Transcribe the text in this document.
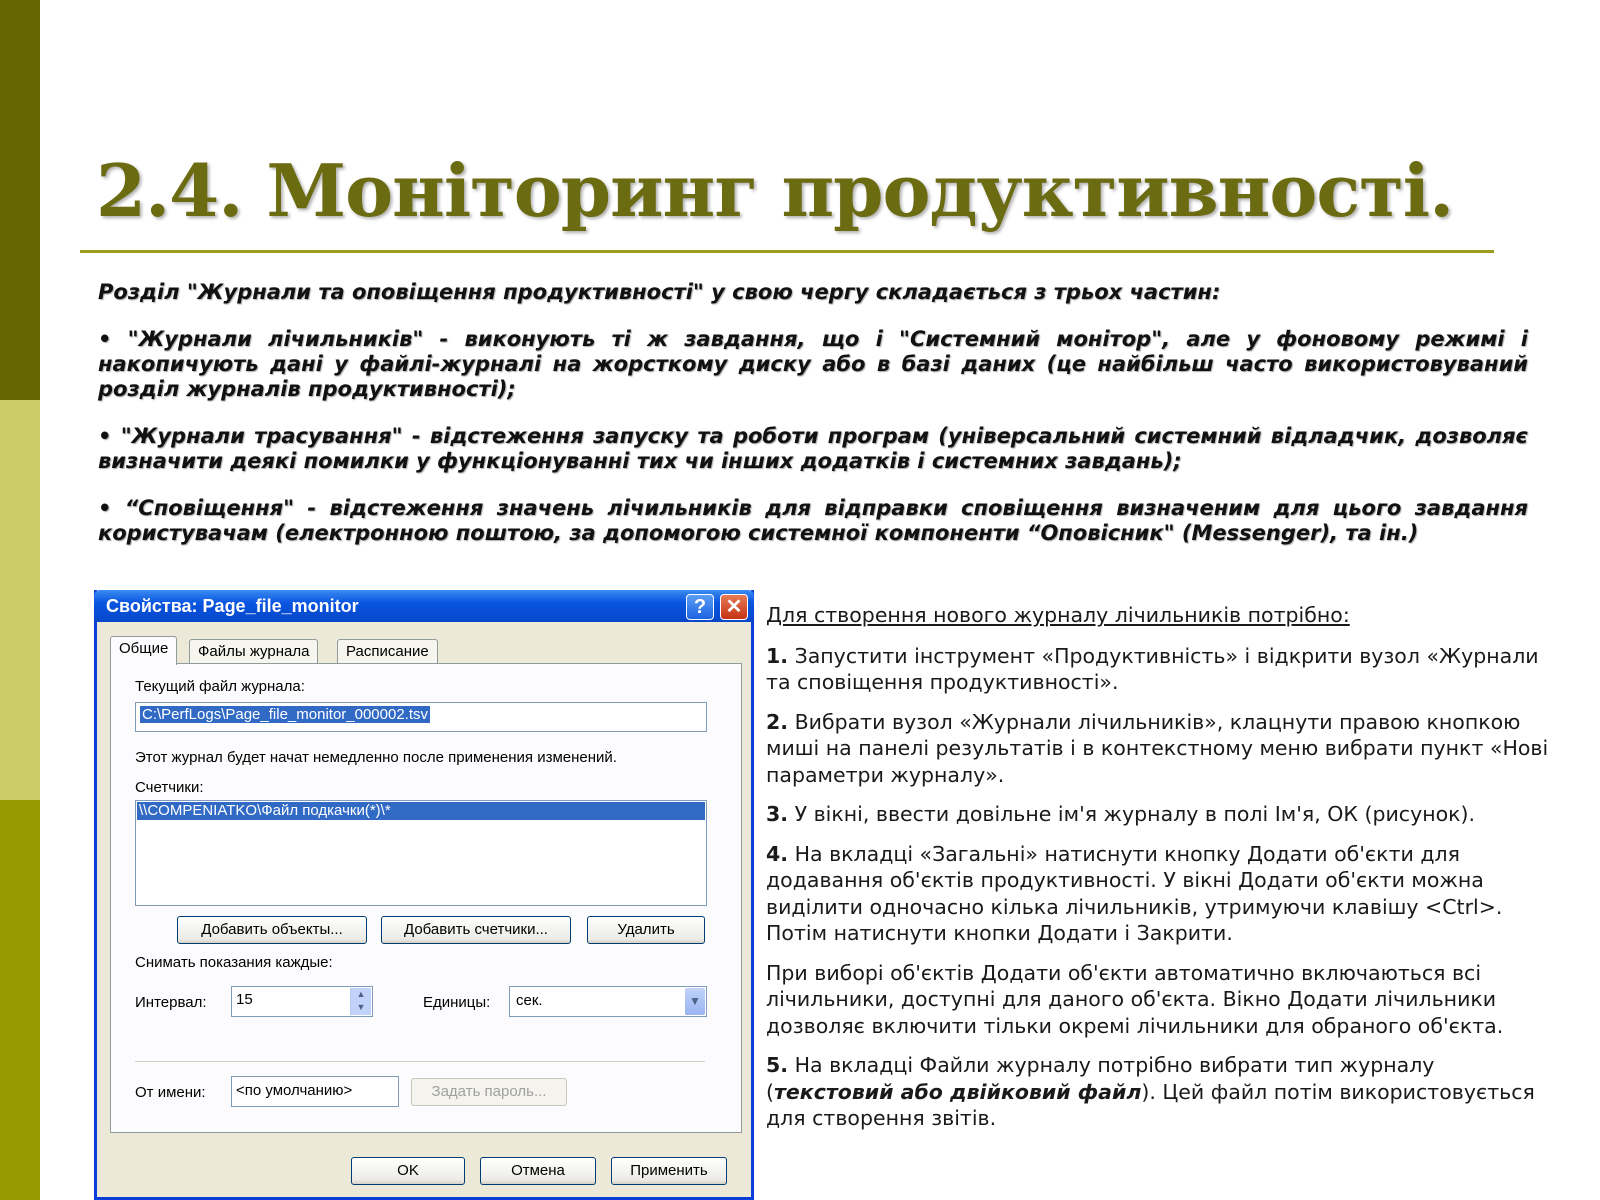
2.4. Моніторинг продуктивності.

Розділ "Журнали та оповіщення продуктивності" у свою чергу складається з трьох частин:

• "Журнали лічильників" - виконують ті ж завдання, що і "Системний монітор", але у фоновому режимі і накопичують дані у файлі-журналі на жорсткому диску або в базі даних (це найбільш часто використовуваний розділ журналів продуктивності);

• "Журнали трасування" - відстеження запуску та роботи програм (універсальний системний відладчик, дозволяє визначити деякі помилки у функціонуванні тих чи інших додатків і системних завдань);

• “Сповіщення" - відстеження значень лічильників для відправки сповіщення визначеним для цього завдання користувачам (електронною поштою, за допомогою системної компоненти “Оповісник" (Messenger), та ін.)

Свойства: Page_file_monitor	? ✕
Общие	Файлы журнала	Расписание
Текущий файл журнала:
C:\PerfLogs\Page_file_monitor_000002.tsv
Этот журнал будет начат немедленно после применения изменений.
Счетчики:
\\COMPENIATKO\Файл подкачки(*)\*
Добавить объекты...	Добавить счетчики...	Удалить
Снимать показания каждые:
Интервал:	15	▲
▼	Единицы:	сек.	▼
От имени:	<по умолчанию>	Задать пароль...
OK	Отмена	Применить

Для створення нового журналу лічильників потрібно:

1. Запустити інструмент «Продуктивність» і відкрити вузол «Журнали та сповіщення продуктивності».

2. Вибрати вузол «Журнали лічильників», клацнути правою кнопкою миші на панелі результатів і в контекстному меню вибрати пункт «Нові параметри журналу».

3. У вікні, ввести довільне ім'я журналу в полі Ім'я, ОК (рисунок).

4. На вкладці «Загальні» натиснути кнопку Додати об'єкти для додавання об'єктів продуктивності. У вікні Додати об'єкти можна виділити одночасно кілька лічильників, утримуючи клавішу <Ctrl>. Потім натиснути кнопки Додати і Закрити.

При виборі об'єктів Додати об'єкти автоматично включаються всі лічильники, доступні для даного об'єкта. Вікно Додати лічильники дозволяє включити тільки окремі лічильники для обраного об'єкта.

5. На вкладці Файли журналу потрібно вибрати тип журналу (текстовий або двійковий файл). Цей файл потім використовується для створення звітів.
